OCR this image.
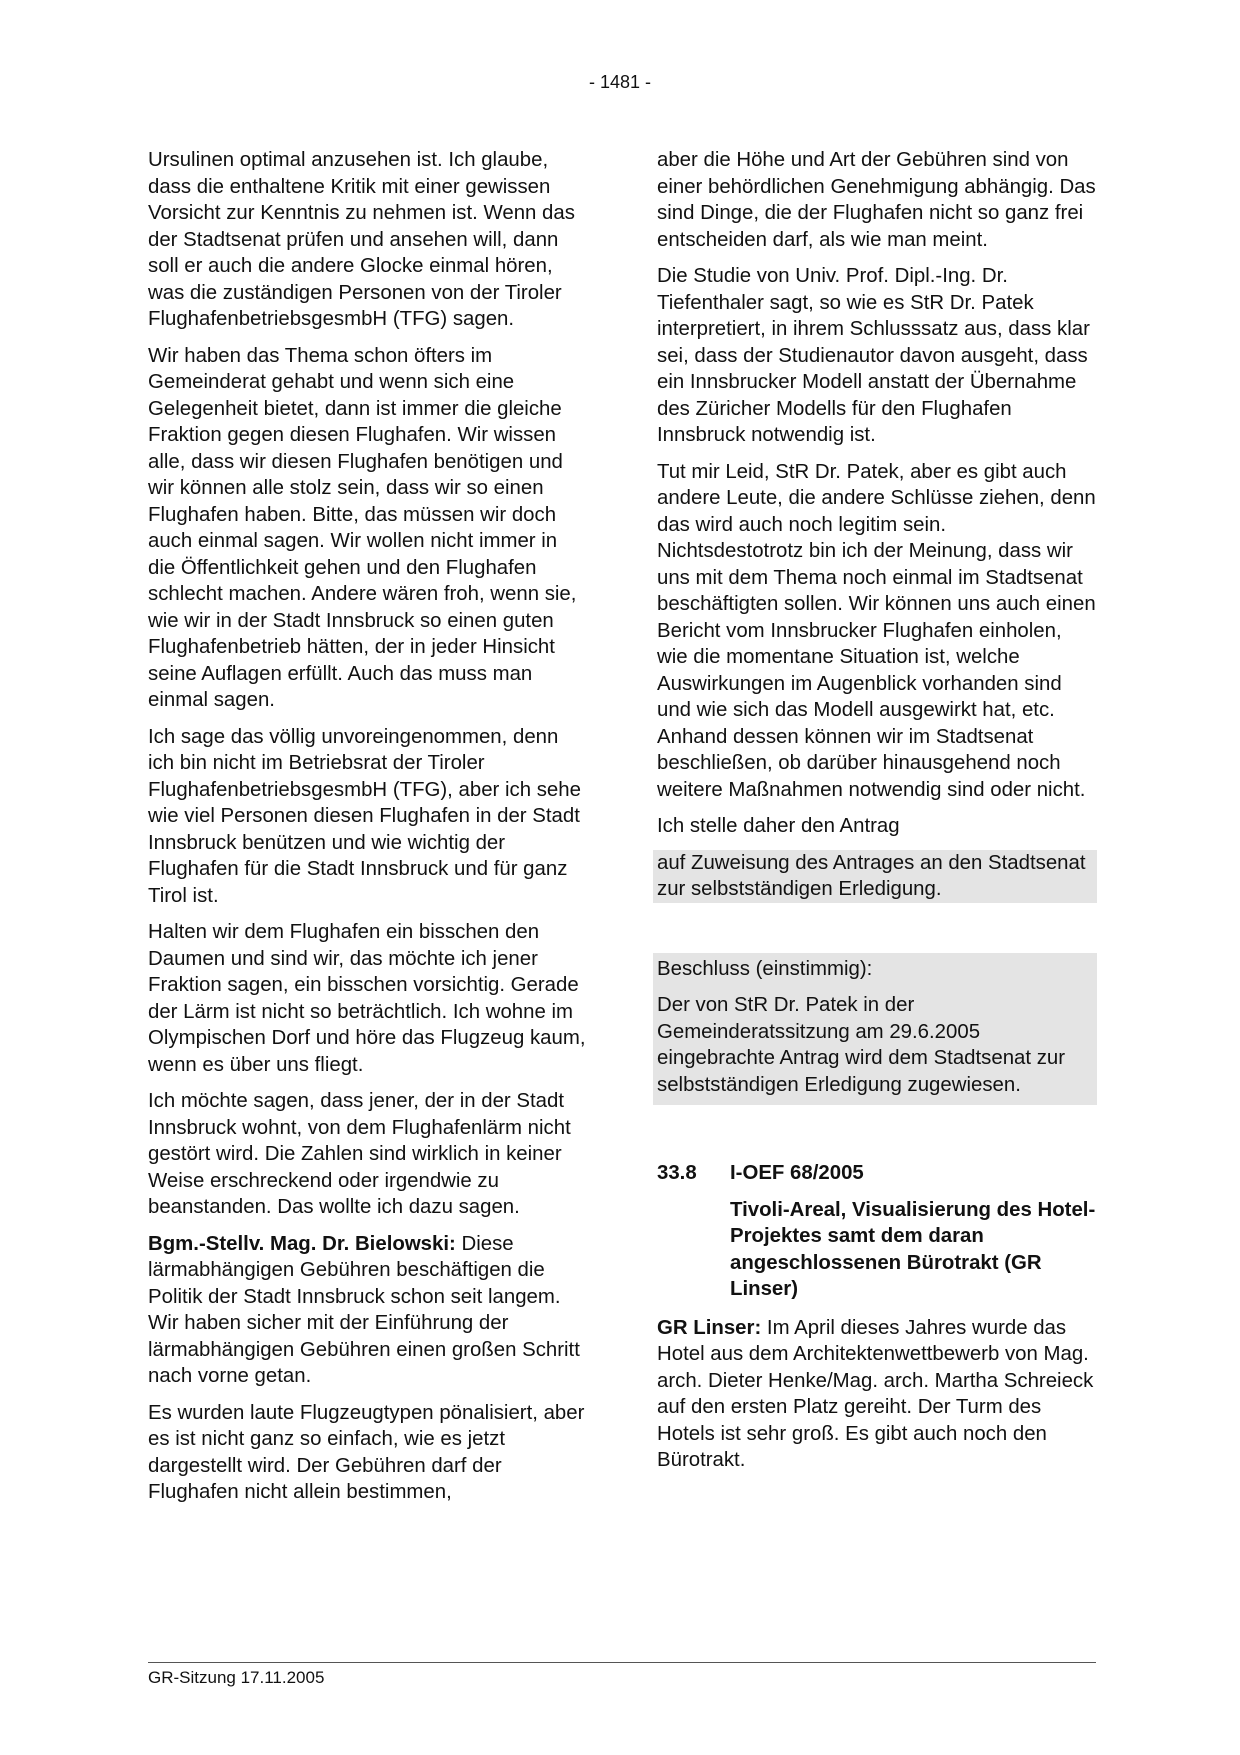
- 1481 -

Ursulinen optimal anzusehen ist. Ich glaube, dass die enthaltene Kritik mit einer gewissen Vorsicht zur Kenntnis zu nehmen ist. Wenn das der Stadtsenat prüfen und ansehen will, dann soll er auch die andere Glocke einmal hören, was die zuständigen Personen von der Tiroler FlughafenbetriebsgesmbH (TFG) sagen.

Wir haben das Thema schon öfters im Gemeinderat gehabt und wenn sich eine Gelegenheit bietet, dann ist immer die gleiche Fraktion gegen diesen Flughafen. Wir wissen alle, dass wir diesen Flughafen benötigen und wir können alle stolz sein, dass wir so einen Flughafen haben. Bitte, das müssen wir doch auch einmal sagen. Wir wollen nicht immer in die Öffentlichkeit gehen und den Flughafen schlecht machen. Andere wären froh, wenn sie, wie wir in der Stadt Innsbruck so einen guten Flughafenbetrieb hätten, der in jeder Hinsicht seine Auflagen erfüllt. Auch das muss man einmal sagen.

Ich sage das völlig unvoreingenommen, denn ich bin nicht im Betriebsrat der Tiroler FlughafenbetriebsgesmbH (TFG), aber ich sehe wie viel Personen diesen Flughafen in der Stadt Innsbruck benützen und wie wichtig der Flughafen für die Stadt Innsbruck und für ganz Tirol ist.

Halten wir dem Flughafen ein bisschen den Daumen und sind wir, das möchte ich jener Fraktion sagen, ein bisschen vorsichtig. Gerade der Lärm ist nicht so beträchtlich. Ich wohne im Olympischen Dorf und höre das Flugzeug kaum, wenn es über uns fliegt.

Ich möchte sagen, dass jener, der in der Stadt Innsbruck wohnt, von dem Flughafenlärm nicht gestört wird. Die Zahlen sind wirklich in keiner Weise erschreckend oder irgendwie zu beanstanden. Das wollte ich dazu sagen.

Bgm.-Stellv. Mag. Dr. Bielowski: Diese lärmabhängigen Gebühren beschäftigen die Politik der Stadt Innsbruck schon seit langem. Wir haben sicher mit der Einführung der lärmabhängigen Gebühren einen großen Schritt nach vorne getan.

Es wurden laute Flugzeugtypen pönalisiert, aber es ist nicht ganz so einfach, wie es jetzt dargestellt wird. Der Gebühren darf der Flughafen nicht allein bestimmen,

aber die Höhe und Art der Gebühren sind von einer behördlichen Genehmigung abhängig. Das sind Dinge, die der Flughafen nicht so ganz frei entscheiden darf, als wie man meint.

Die Studie von Univ. Prof. Dipl.-Ing. Dr. Tiefenthaler sagt, so wie es StR Dr. Patek interpretiert, in ihrem Schlusssatz aus, dass klar sei, dass der Studienautor davon ausgeht, dass ein Innsbrucker Modell anstatt der Übernahme des Züricher Modells für den Flughafen Innsbruck notwendig ist.

Tut mir Leid, StR Dr. Patek, aber es gibt auch andere Leute, die andere Schlüsse ziehen, denn das wird auch noch legitim sein. Nichtsdestotrotz bin ich der Meinung, dass wir uns mit dem Thema noch einmal im Stadtsenat beschäftigten sollen. Wir können uns auch einen Bericht vom Innsbrucker Flughafen einholen, wie die momentane Situation ist, welche Auswirkungen im Augenblick vorhanden sind und wie sich das Modell ausgewirkt hat, etc. Anhand dessen können wir im Stadtsenat beschließen, ob darüber hinausgehend noch weitere Maßnahmen notwendig sind oder nicht.

Ich stelle daher den Antrag

auf Zuweisung des Antrages an den Stadtsenat zur selbstständigen Erledigung.

Beschluss (einstimmig):

Der von StR Dr. Patek in der Gemeinderatssitzung am 29.6.2005 eingebrachte Antrag wird dem Stadtsenat zur selbstständigen Erledigung zugewiesen.

33.8	I-OEF 68/2005
Tivoli-Areal, Visualisierung des Hotel-Projektes samt dem daran angeschlossenen Bürotrakt (GR Linser)

GR Linser: Im April dieses Jahres wurde das Hotel aus dem Architektenwettbewerb von Mag. arch. Dieter Henke/Mag. arch. Martha Schreieck auf den ersten Platz gereiht. Der Turm des Hotels ist sehr groß. Es gibt auch noch den Bürotrakt.

GR-Sitzung 17.11.2005
